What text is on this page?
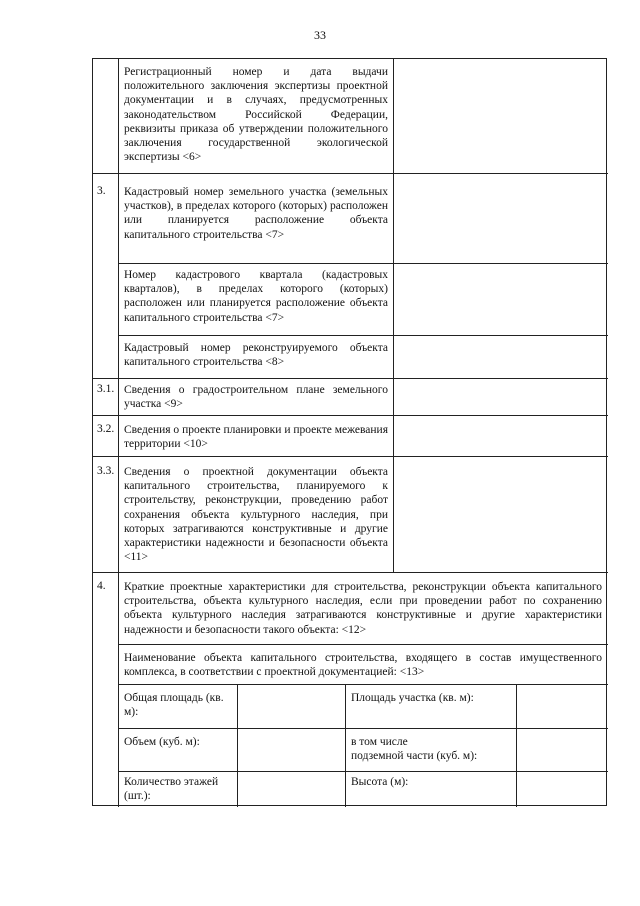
33
Регистрационный номер и дата выдачи положительного заключения экспертизы проектной документации и в случаях, предусмотренных законодательством Российской Федерации, реквизиты приказа об утверждении положительного заключения государственной экологической экспертизы <6>
3. Кадастровый номер земельного участка (земельных участков), в пределах которого (которых) расположен или планируется расположение объекта капитального строительства <7>
Номер кадастрового квартала (кадастровых кварталов), в пределах которого (которых) расположен или планируется расположение объекта капитального строительства <7>
Кадастровый номер реконструируемого объекта капитального строительства <8>
3.1. Сведения о градостроительном плане земельного участка <9>
3.2. Сведения о проекте планировки и проекте межевания территории <10>
3.3. Сведения о проектной документации объекта капитального строительства, планируемого к строительству, реконструкции, проведению работ сохранения объекта культурного наследия, при которых затрагиваются конструктивные и другие характеристики надежности и безопасности объекта <11>
4. Краткие проектные характеристики для строительства, реконструкции объекта капитального строительства, объекта культурного наследия, если при проведении работ по сохранению объекта культурного наследия затрагиваются конструктивные и другие характеристики надежности и безопасности такого объекта: <12>
Наименование объекта капитального строительства, входящего в состав имущественного комплекса, в соответствии с проектной документацией: <13>
Общая площадь (кв. м):
Площадь участка (кв. м):
Объем (куб. м):	в том числе
подземной части (куб. м):
Количество этажей (шт.):
Высота (м):
